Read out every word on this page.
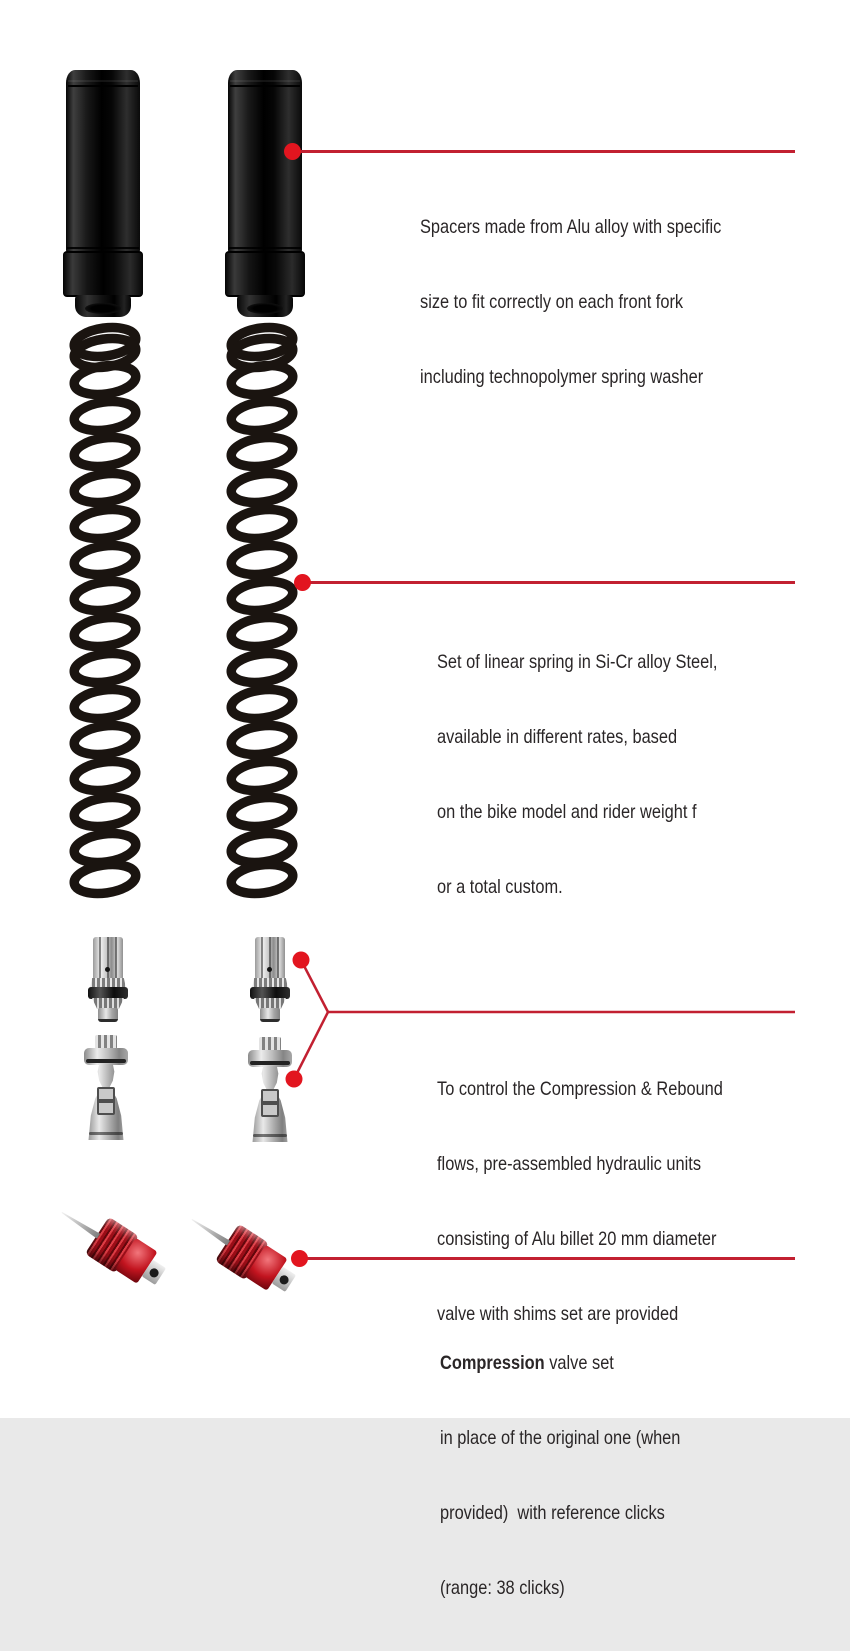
Spacers made from Alu alloy with specific

size to fit correctly on each front fork

including technopolymer spring washer

Set of linear spring in Si-Cr alloy Steel,

available in different rates, based

on the bike model and rider weight f

or a total custom.

To control the Compression & Rebound

flows, pre-assembled hydraulic units

consisting of Alu billet 20 mm diameter

valve with shims set are provided

Compression valve set

in place of the original one (when

provided)  with reference clicks

(range: 38 clicks)
